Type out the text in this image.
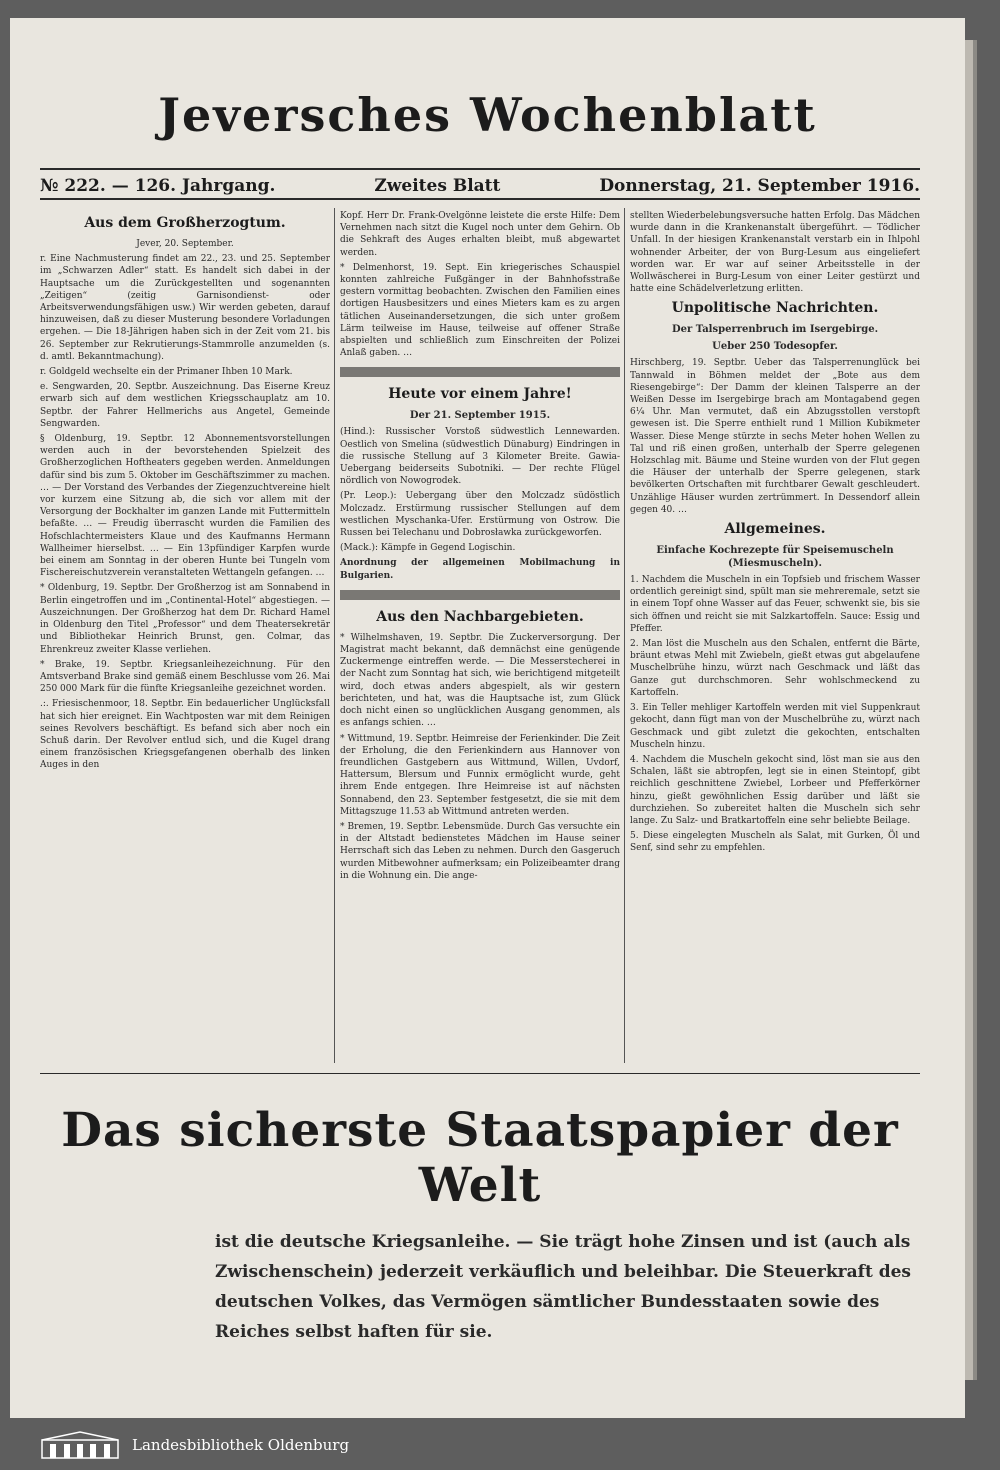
Jeversches Wochenblatt
№ 222. — 126. Jahrgang.	Zweites Blatt	Donnerstag, 21. September 1916.
Aus dem Großherzogtum.

Jever, 20. September.

r. Eine Nachmusterung findet am 22., 23. und 25. September im „Schwarzen Adler“ statt. Es handelt sich dabei in der Hauptsache um die Zurückgestellten und sogenannten „Zeitigen“ (zeitig Garnisondienst- oder Arbeitsverwendungsfähigen usw.) Wir werden gebeten, darauf hinzuweisen, daß zu dieser Musterung besondere Vorladungen ergehen. — Die 18-Jährigen haben sich in der Zeit vom 21. bis 26. September zur Rekrutierungs-Stammrolle anzumelden (s. d. amtl. Bekanntmachung).

r. Goldgeld wechselte ein der Primaner Ihben 10 Mark.

e. Sengwarden, 20. Septbr. Auszeichnung. Das Eiserne Kreuz erwarb sich auf dem westlichen Kriegsschauplatz am 10. Septbr. der Fahrer Hellmerichs aus Angetel, Gemeinde Sengwarden.

§ Oldenburg, 19. Septbr. 12 Abonnementsvorstellungen werden auch in der bevorstehenden Spielzeit des Großherzoglichen Hoftheaters gegeben werden. Anmeldungen dafür sind bis zum 5. Oktober im Geschäftszimmer zu machen. … — Der Vorstand des Verbandes der Ziegenzuchtvereine hielt vor kurzem eine Sitzung ab, die sich vor allem mit der Versorgung der Bockhalter im ganzen Lande mit Futtermitteln befaßte. … — Freudig überrascht wurden die Familien des Hofschlachtermeisters Klaue und des Kaufmanns Hermann Wallheimer hierselbst. … — Ein 13pfündiger Karpfen wurde bei einem am Sonntag in der oberen Hunte bei Tungeln vom Fischereischutzverein veranstalteten Wettangeln gefangen. …

* Oldenburg, 19. Septbr. Der Großherzog ist am Sonnabend in Berlin eingetroffen und im „Continental-Hotel“ abgestiegen. — Auszeichnungen. Der Großherzog hat dem Dr. Richard Hamel in Oldenburg den Titel „Professor“ und dem Theatersekretär und Bibliothekar Heinrich Brunst, gen. Colmar, das Ehrenkreuz zweiter Klasse verliehen.

* Brake, 19. Septbr. Kriegsanleihezeichnung. Für den Amtsverband Brake sind gemäß einem Beschlusse vom 26. Mai 250 000 Mark für die fünfte Kriegsanleihe gezeichnet worden.

.:. Friesischenmoor, 18. Septbr. Ein bedauerlicher Unglücksfall hat sich hier ereignet. Ein Wachtposten war mit dem Reinigen seines Revolvers beschäftigt. Es befand sich aber noch ein Schuß darin. Der Revolver entlud sich, und die Kugel drang einem französischen Kriegsgefangenen oberhalb des linken Auges in den

Kopf. Herr Dr. Frank-Ovelgönne leistete die erste Hilfe: Dem Vernehmen nach sitzt die Kugel noch unter dem Gehirn. Ob die Sehkraft des Auges erhalten bleibt, muß abgewartet werden.

* Delmenhorst, 19. Sept. Ein kriegerisches Schauspiel konnten zahlreiche Fußgänger in der Bahnhofsstraße gestern vormittag beobachten. Zwischen den Familien eines dortigen Hausbesitzers und eines Mieters kam es zu argen tätlichen Auseinandersetzungen, die sich unter großem Lärm teilweise im Hause, teilweise auf offener Straße abspielten und schließlich zum Einschreiten der Polizei Anlaß gaben. …

Heute vor einem Jahre!
Der 21. September 1915.

(Hind.): Russischer Vorstoß südwestlich Lennewarden. Oestlich von Smelina (südwestlich Dünaburg) Eindringen in die russische Stellung auf 3 Kilometer Breite. Gawia-Uebergang beiderseits Subotniki. — Der rechte Flügel nördlich von Nowogrodek.

(Pr. Leop.): Uebergang über den Molczadz südöstlich Molczadz. Erstürmung russischer Stellungen auf dem westlichen Myschanka-Ufer. Erstürmung von Ostrow. Die Russen bei Telechanu und Dobrosławka zurückgeworfen.

(Mack.): Kämpfe in Gegend Logischin.

Anordnung der allgemeinen Mobilmachung in Bulgarien.

Aus den Nachbargebieten.

* Wilhelmshaven, 19. Septbr. Die Zuckerversorgung. Der Magistrat macht bekannt, daß demnächst eine genügende Zuckermenge eintreffen werde. — Die Messerstecherei in der Nacht zum Sonntag hat sich, wie berichtigend mitgeteilt wird, doch etwas anders abgespielt, als wir gestern berichteten, und hat, was die Hauptsache ist, zum Glück doch nicht einen so unglücklichen Ausgang genommen, als es anfangs schien. …

* Wittmund, 19. Septbr. Heimreise der Ferienkinder. Die Zeit der Erholung, die den Ferienkindern aus Hannover von freundlichen Gastgebern aus Wittmund, Willen, Uvdorf, Hattersum, Blersum und Funnix ermöglicht wurde, geht ihrem Ende entgegen. Ihre Heimreise ist auf nächsten Sonnabend, den 23. September festgesetzt, die sie mit dem Mittagszuge 11.53 ab Wittmund antreten werden.

* Bremen, 19. Septbr. Lebensmüde. Durch Gas versuchte ein in der Altstadt bedienstetes Mädchen im Hause seiner Herrschaft sich das Leben zu nehmen. Durch den Gasgeruch wurden Mitbewohner aufmerksam; ein Polizeibeamter drang in die Wohnung ein. Die ange-

stellten Wiederbelebungsversuche hatten Erfolg. Das Mädchen wurde dann in die Krankenanstalt übergeführt. — Tödlicher Unfall. In der hiesigen Krankenanstalt verstarb ein in Ihlpohl wohnender Arbeiter, der von Burg-Lesum aus eingeliefert worden war. Er war auf seiner Arbeitsstelle in der Wollwäscherei in Burg-Lesum von einer Leiter gestürzt und hatte eine Schädelverletzung erlitten.

Unpolitische Nachrichten.
Der Talsperrenbruch im Isergebirge.
Ueber 250 Todesopfer.

Hirschberg, 19. Septbr. Ueber das Talsperrenunglück bei Tannwald in Böhmen meldet der „Bote aus dem Riesengebirge“: Der Damm der kleinen Talsperre an der Weißen Desse im Isergebirge brach am Montagabend gegen 6¼ Uhr. Man vermutet, daß ein Abzugsstollen verstopft gewesen ist. Die Sperre enthielt rund 1 Million Kubikmeter Wasser. Diese Menge stürzte in sechs Meter hohen Wellen zu Tal und riß einen großen, unterhalb der Sperre gelegenen Holzschlag mit. Bäume und Steine wurden von der Flut gegen die Häuser der unterhalb der Sperre gelegenen, stark bevölkerten Ortschaften mit furchtbarer Gewalt geschleudert. Unzählige Häuser wurden zertrümmert. In Dessendorf allein gegen 40. …

Allgemeines.
Einfache Kochrezepte für Speisemuscheln (Miesmuscheln).

1. Nachdem die Muscheln in ein Topfsieb und frischem Wasser ordentlich gereinigt sind, spült man sie mehreremale, setzt sie in einem Topf ohne Wasser auf das Feuer, schwenkt sie, bis sie sich öffnen und reicht sie mit Salzkartoffeln. Sauce: Essig und Pfeffer.

2. Man löst die Muscheln aus den Schalen, entfernt die Bärte, bräunt etwas Mehl mit Zwiebeln, gießt etwas gut abgelaufene Muschelbrühe hinzu, würzt nach Geschmack und läßt das Ganze gut durchschmoren. Sehr wohlschmeckend zu Kartoffeln.

3. Ein Teller mehliger Kartoffeln werden mit viel Suppenkraut gekocht, dann fügt man von der Muschelbrühe zu, würzt nach Geschmack und gibt zuletzt die gekochten, entschalten Muscheln hinzu.

4. Nachdem die Muscheln gekocht sind, löst man sie aus den Schalen, läßt sie abtropfen, legt sie in einen Steintopf, gibt reichlich geschnittene Zwiebel, Lorbeer und Pfefferkörner hinzu, gießt gewöhnlichen Essig darüber und läßt sie durchziehen. So zubereitet halten die Muscheln sich sehr lange. Zu Salz- und Bratkartoffeln eine sehr beliebte Beilage.

5. Diese eingelegten Muscheln als Salat, mit Gurken, Öl und Senf, sind sehr zu empfehlen.

Das sicherste Staatspapier der Welt
ist die deutsche Kriegsanleihe. — Sie trägt hohe Zinsen und ist (auch als Zwischenschein) jederzeit verkäuflich und beleihbar. Die Steuerkraft des deutschen Volkes, das Vermögen sämtlicher Bundesstaaten sowie des Reiches selbst haften für sie.
Landesbibliothek Oldenburg
